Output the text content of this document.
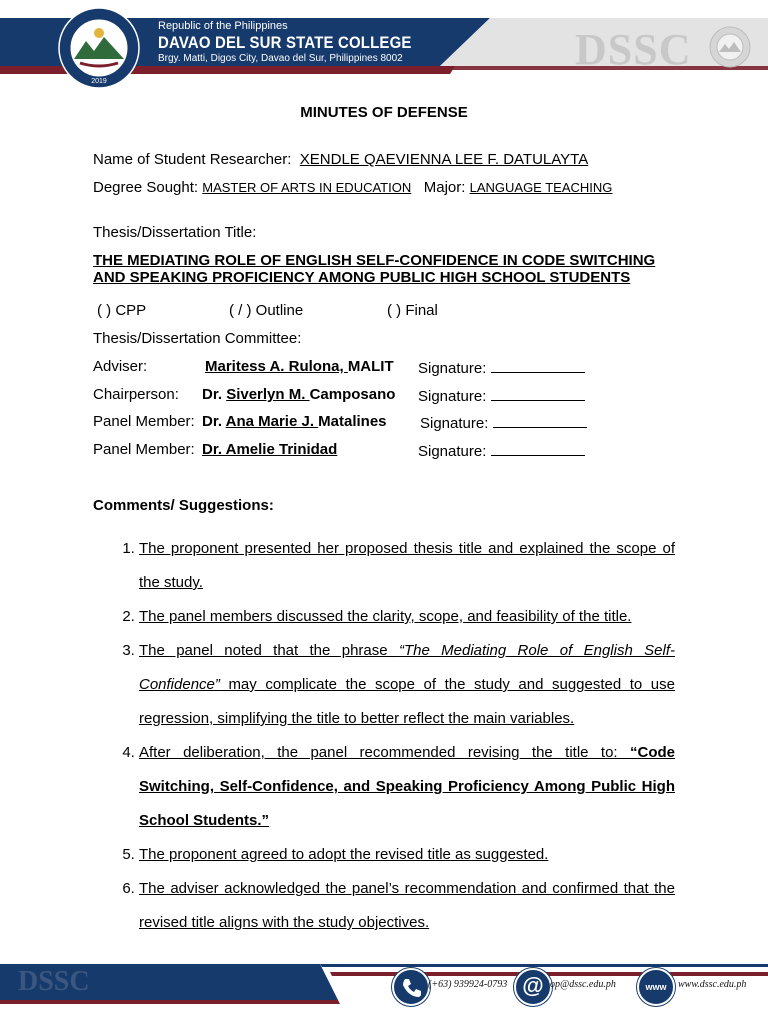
2019
Republic of the Philippines
DAVAO DEL SUR STATE COLLEGE
Brgy. Matti, Digos City, Davao del Sur, Philippines 8002	DSSC
MINUTES OF DEFENSE
Name of Student Researcher: XENDLE QAEVIENNA LEE F. DATULAYTA
Degree Sought: MASTER OF ARTS IN EDUCATION Major: LANGUAGE TEACHING
Thesis/Dissertation Title:
THE MEDIATING ROLE OF ENGLISH SELF-CONFIDENCE IN CODE SWITCHING AND SPEAKING PROFICIENCY AMONG PUBLIC HIGH SCHOOL STUDENTS
( ) CPP	( / ) Outline	( ) Final
Thesis/Dissertation Committee:
Adviser:	Maritess A. Rulona, MALIT Signature:
Chairperson: Dr. Siverlyn M. Camposano Signature:
Panel Member: Dr. Ana Marie J. Matalines Signature:
Panel Member: Dr. Amelie Trinidad	Signature:
Comments/ Suggestions:
1. The proponent presented her proposed thesis title and explained the scope of the study.
2. The panel members discussed the clarity, scope, and feasibility of the title.
3. The panel noted that the phrase “The Mediating Role of English Self-Confidence” may complicate the scope of the study and suggested to use regression, simplifying the title to better reflect the main variables.
4. After deliberation, the panel recommended revising the title to: “Code Switching, Self-Confidence, and Speaking Proficiency Among Public High School Students.”
5. The proponent agreed to adopt the revised title as suggested.
6. The adviser acknowledged the panel’s recommendation and confirmed that the revised title aligns with the study objectives.
DSSC	(+63) 939924-0793 @ op@dssc.edu.ph	www	www.dssc.edu.ph
